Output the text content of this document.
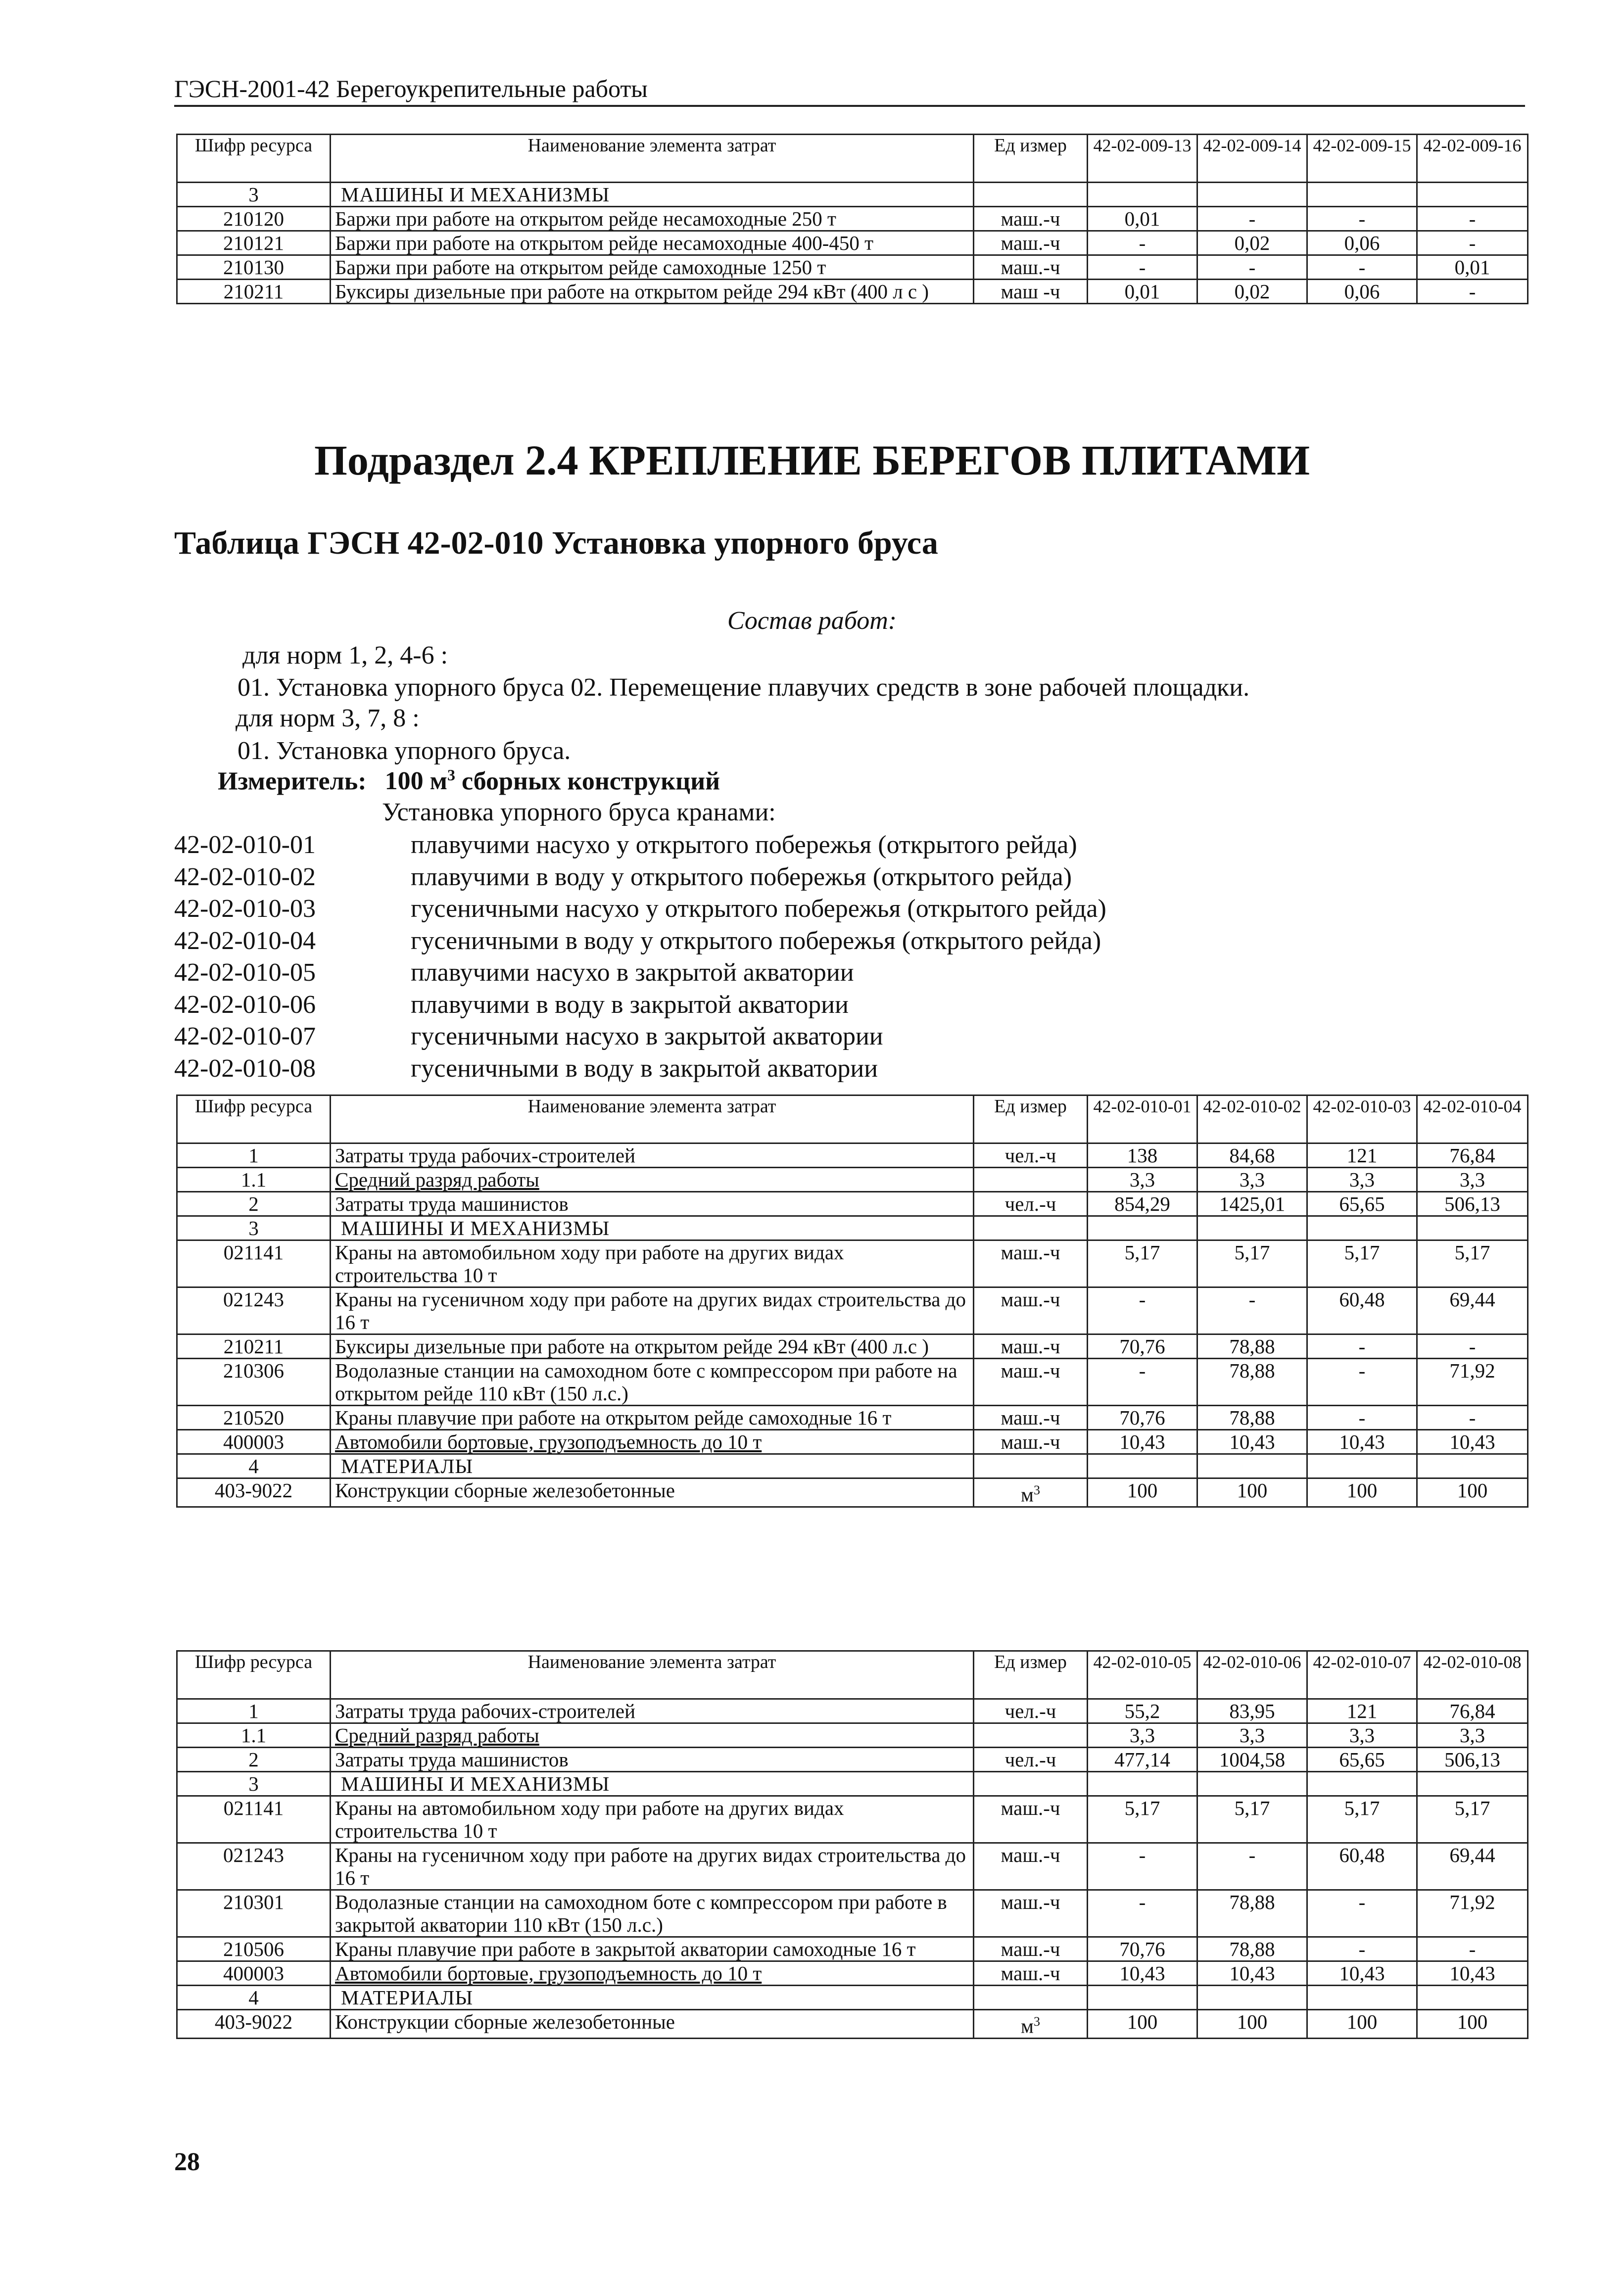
ГЭСН-2001-42 Берегоукрепительные работы
Шифр ресурса	Наименование элемента затрат	Ед измер	42-02-009-13	42-02-009-14	42-02-009-15	42-02-009-16
3	МАШИНЫ И МЕХАНИЗМЫ					
210120	Баржи при работе на открытом рейде несамоходные 250 т	маш.-ч	0,01	-	-	-
210121	Баржи при работе на открытом рейде несамоходные 400-450 т	маш.-ч	-	0,02	0,06	-
210130	Баржи при работе на открытом рейде самоходные 1250 т	маш.-ч	-	-	-	0,01
210211	Буксиры дизельные при работе на открытом рейде 294 кВт (400 л с )	маш -ч	0,01	0,02	0,06	-
Подраздел 2.4 КРЕПЛЕНИЕ БЕРЕГОВ ПЛИТАМИ
Таблица ГЭСН 42-02-010 Установка упорного бруса
Состав работ:
для норм 1, 2, 4-6 :
01. Установка упорного бруса 02. Перемещение плавучих средств в зоне рабочей площадки.
для норм 3, 7, 8 :
01. Установка упорного бруса.
Измеритель: 100 $м^3$ сборных конструкций
Установка упорного бруса кранами:
42-02-010-01	плавучими насухо у открытого побережья (открытого рейда)
42-02-010-02	плавучими в воду у открытого побережья (открытого рейда)
42-02-010-03	гусеничными насухо у открытого побережья (открытого рейда)
42-02-010-04	гусеничными в воду у открытого побережья (открытого рейда)
42-02-010-05	плавучими насухо в закрытой акватории
42-02-010-06	плавучими в воду в закрытой акватории
42-02-010-07	гусеничными насухо в закрытой акватории
42-02-010-08	гусеничными в воду в закрытой акватории
Шифр ресурса	Наименование элемента затрат	Ед измер	42-02-010-01	42-02-010-02	42-02-010-03	42-02-010-04
1	Затраты труда рабочих-строителей	чел.-ч	138	84,68	121	76,84
1.1	Средний разряд работы		3,3	3,3	3,3	3,3
2	Затраты труда машинистов	чел.-ч	854,29	1425,01	65,65	506,13
3	МАШИНЫ И МЕХАНИЗМЫ					
021141	Краны на автомобильном ходу при работе на других видах строительства 10 т	маш.-ч	5,17	5,17	5,17	5,17
021243	Краны на гусеничном ходу при работе на других видах строительства до 16 т	маш.-ч	-	-	60,48	69,44
210211	Буксиры дизельные при работе на открытом рейде 294 кВт (400 л.с )	маш.-ч	70,76	78,88	-	-
210306	Водолазные станции на самоходном боте с компрессором при работе на открытом рейде 110 кВт (150 л.с.)	маш.-ч	-	78,88	-	71,92
210520	Краны плавучие при работе на открытом рейде самоходные 16 т	маш.-ч	70,76	78,88	-	-
400003	Автомобили бортовые, грузоподъемность до 10 т	маш.-ч	10,43	10,43	10,43	10,43
4	МАТЕРИАЛЫ					
403-9022	Конструкции сборные железобетонные	$м^3$	100	100	100	100
Шифр ресурса	Наименование элемента затрат	Ед измер	42-02-010-05	42-02-010-06	42-02-010-07	42-02-010-08
1	Затраты труда рабочих-строителей	чел.-ч	55,2	83,95	121	76,84
1.1	Средний разряд работы		3,3	3,3	3,3	3,3
2	Затраты труда машинистов	чел.-ч	477,14	1004,58	65,65	506,13
3	МАШИНЫ И МЕХАНИЗМЫ					
021141	Краны на автомобильном ходу при работе на других видах строительства 10 т	маш.-ч	5,17	5,17	5,17	5,17
021243	Краны на гусеничном ходу при работе на других видах строительства до 16 т	маш.-ч	-	-	60,48	69,44
210301	Водолазные станции на самоходном боте с компрессором при работе в закрытой акватории 110 кВт (150 л.с.)	маш.-ч	-	78,88	-	71,92
210506	Краны плавучие при работе в закрытой акватории самоходные 16 т	маш.-ч	70,76	78,88	-	-
400003	Автомобили бортовые, грузоподъемность до 10 т	маш.-ч	10,43	10,43	10,43	10,43
4	МАТЕРИАЛЫ					
403-9022	Конструкции сборные железобетонные	$м^3$	100	100	100	100
28
